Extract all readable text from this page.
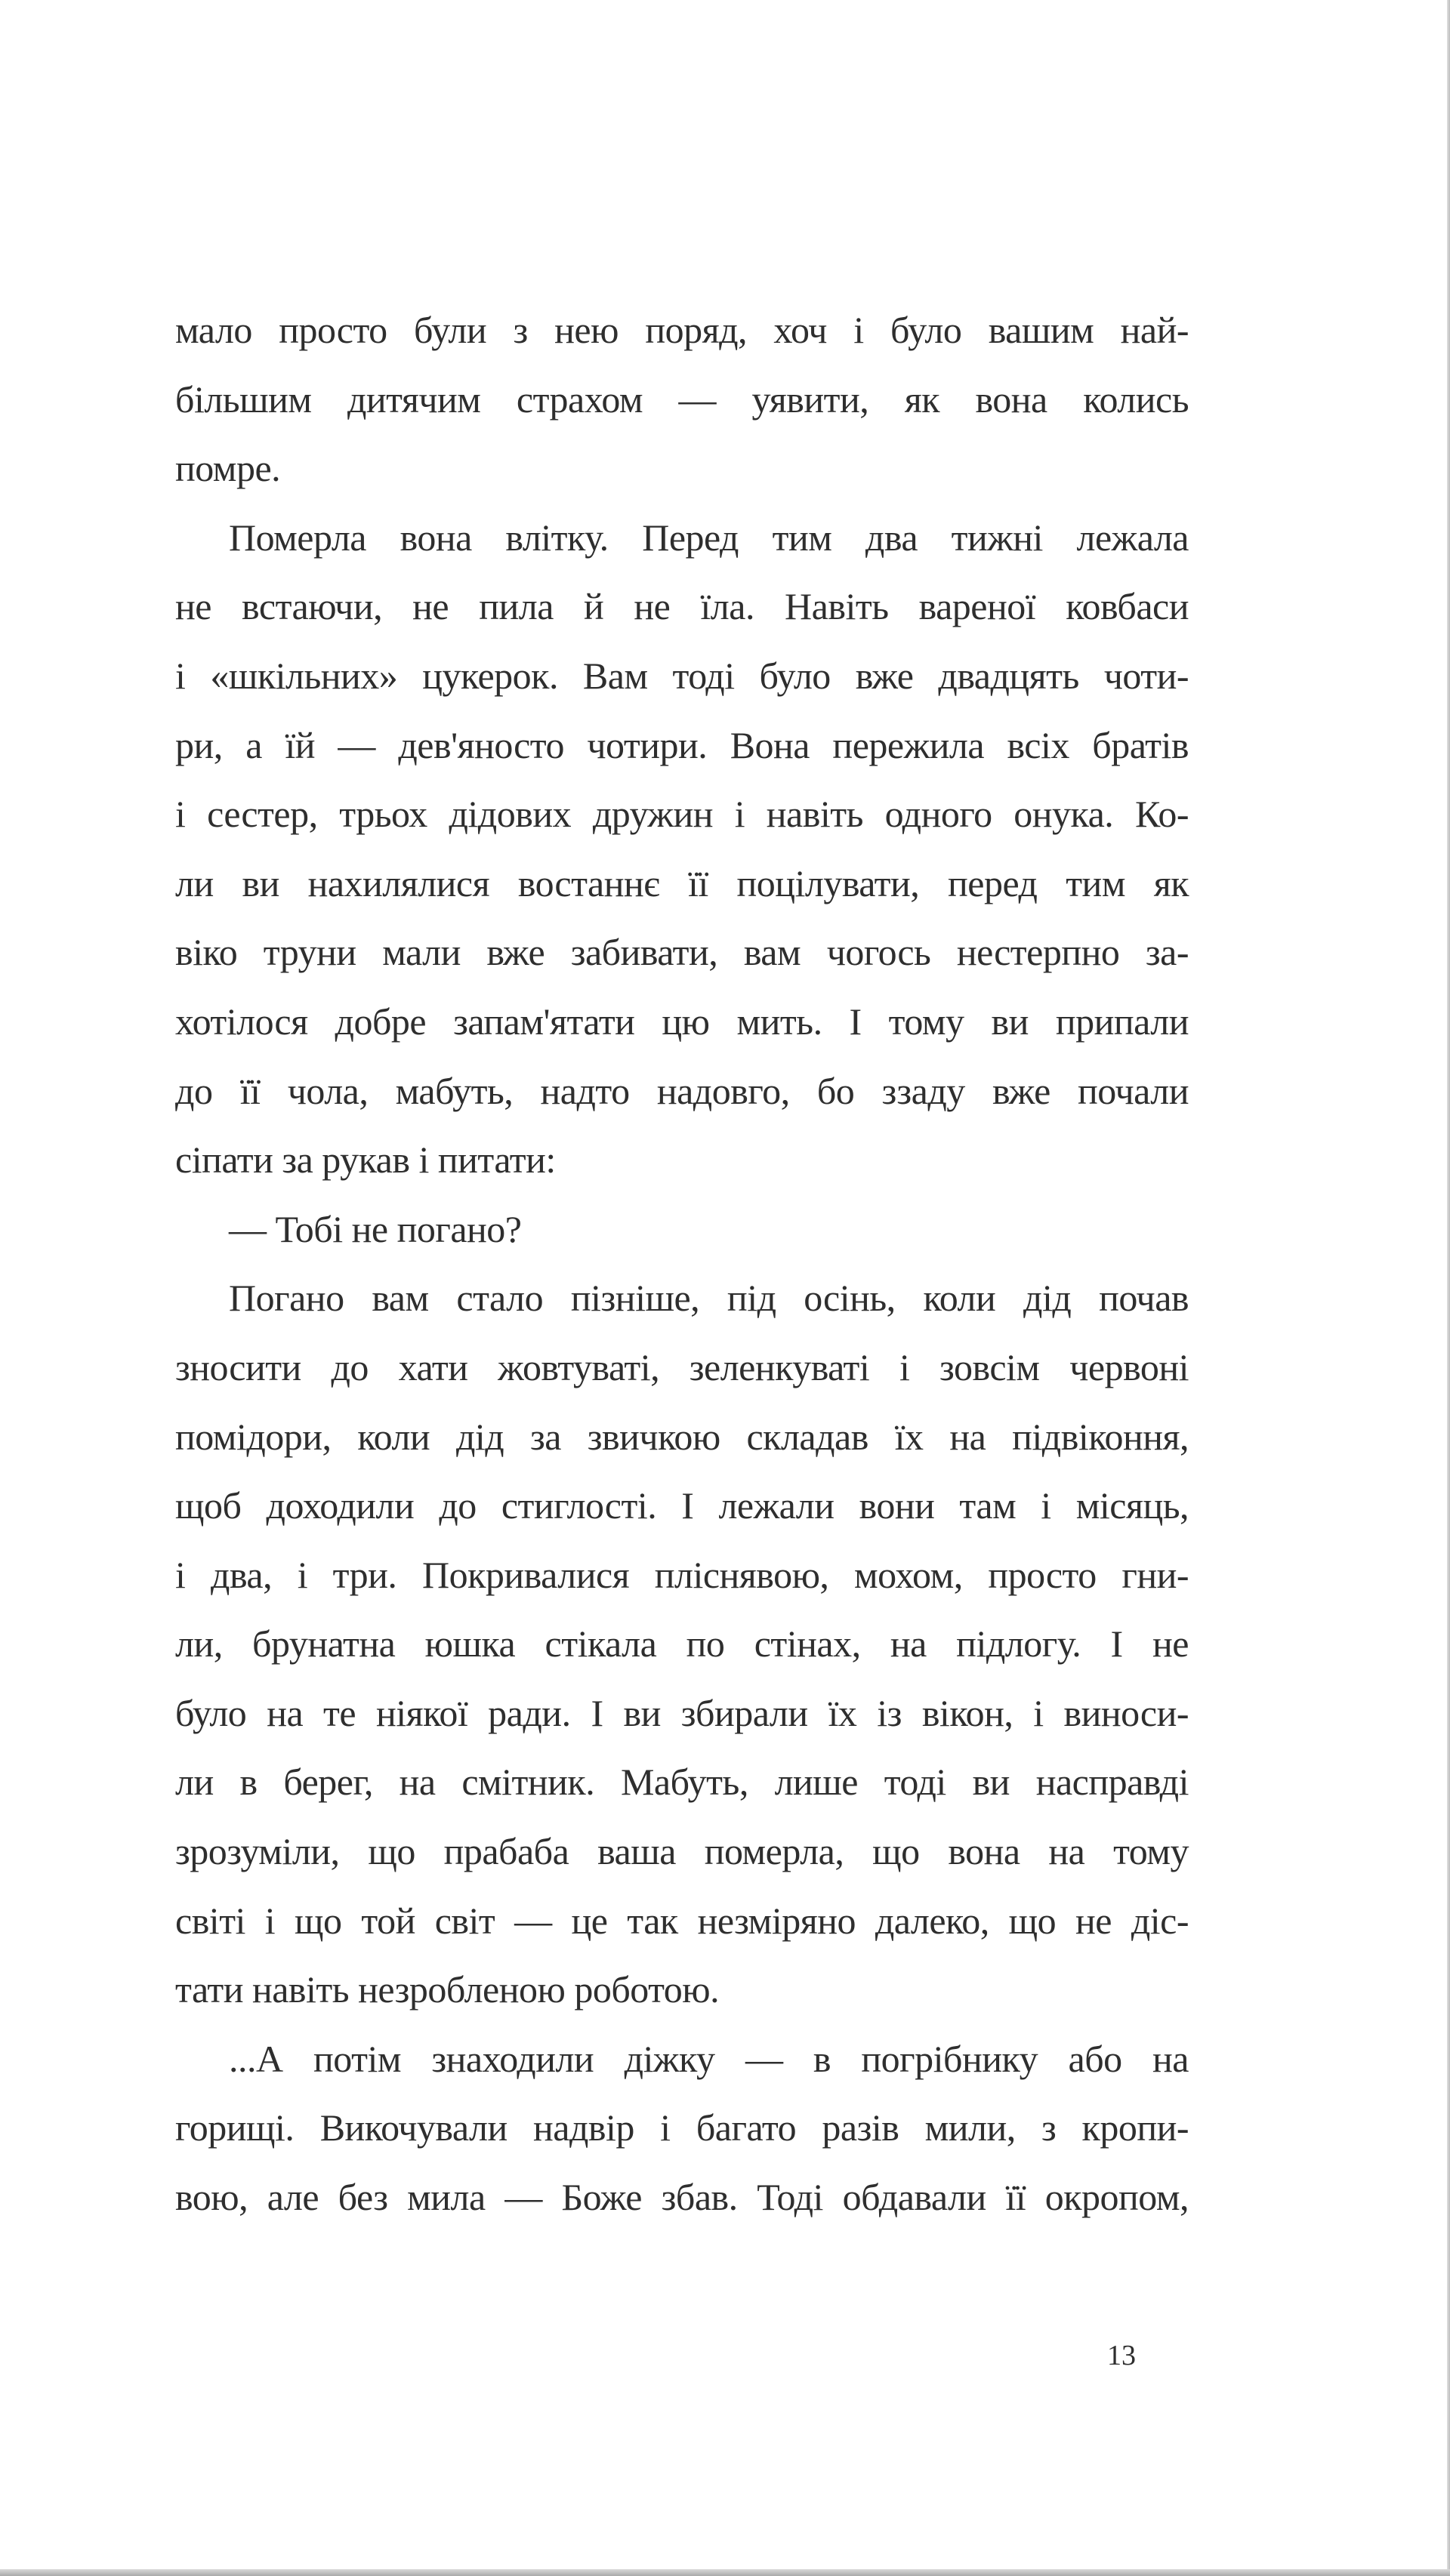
мало просто були з нею поряд, хоч і було вашим най-
більшим дитячим страхом — уявити, як вона колись
помре.
Померла вона влітку. Перед тим два тижні лежала
не встаючи, не пила й не їла. Навіть вареної ковбаси
і «шкільних» цукерок. Вам тоді було вже двадцять чоти-
ри, а їй — дев'яносто чотири. Вона пережила всіх братів
і сестер, трьох дідових дружин і навіть одного онука. Ко-
ли ви нахилялися востаннє її поцілувати, перед тим як
віко труни мали вже забивати, вам чогось нестерпно за-
хотілося добре запам'ятати цю мить. І тому ви припали
до її чола, мабуть, надто надовго, бо ззаду вже почали
сіпати за рукав і питати:
— Тобі не погано?
Погано вам стало пізніше, під осінь, коли дід почав
зносити до хати жовтуваті, зеленкуваті і зовсім червоні
помідори, коли дід за звичкою складав їх на підвіконня,
щоб доходили до стиглості. І лежали вони там і місяць,
і два, і три. Покривалися пліснявою, мохом, просто гни-
ли, брунатна юшка стікала по стінах, на підлогу. І не
було на те ніякої ради. І ви збирали їх із вікон, і виноси-
ли в берег, на смітник. Мабуть, лише тоді ви насправді
зрозуміли, що прабаба ваша померла, що вона на тому
світі і що той світ — це так незміряно далеко, що не діс-
тати навіть незробленою роботою.
...А потім знаходили діжку — в погрібнику або на
горищі. Викочували надвір і багато разів мили, з кропи-
вою, але без мила — Боже збав. Тоді обдавали її окропом,
13
